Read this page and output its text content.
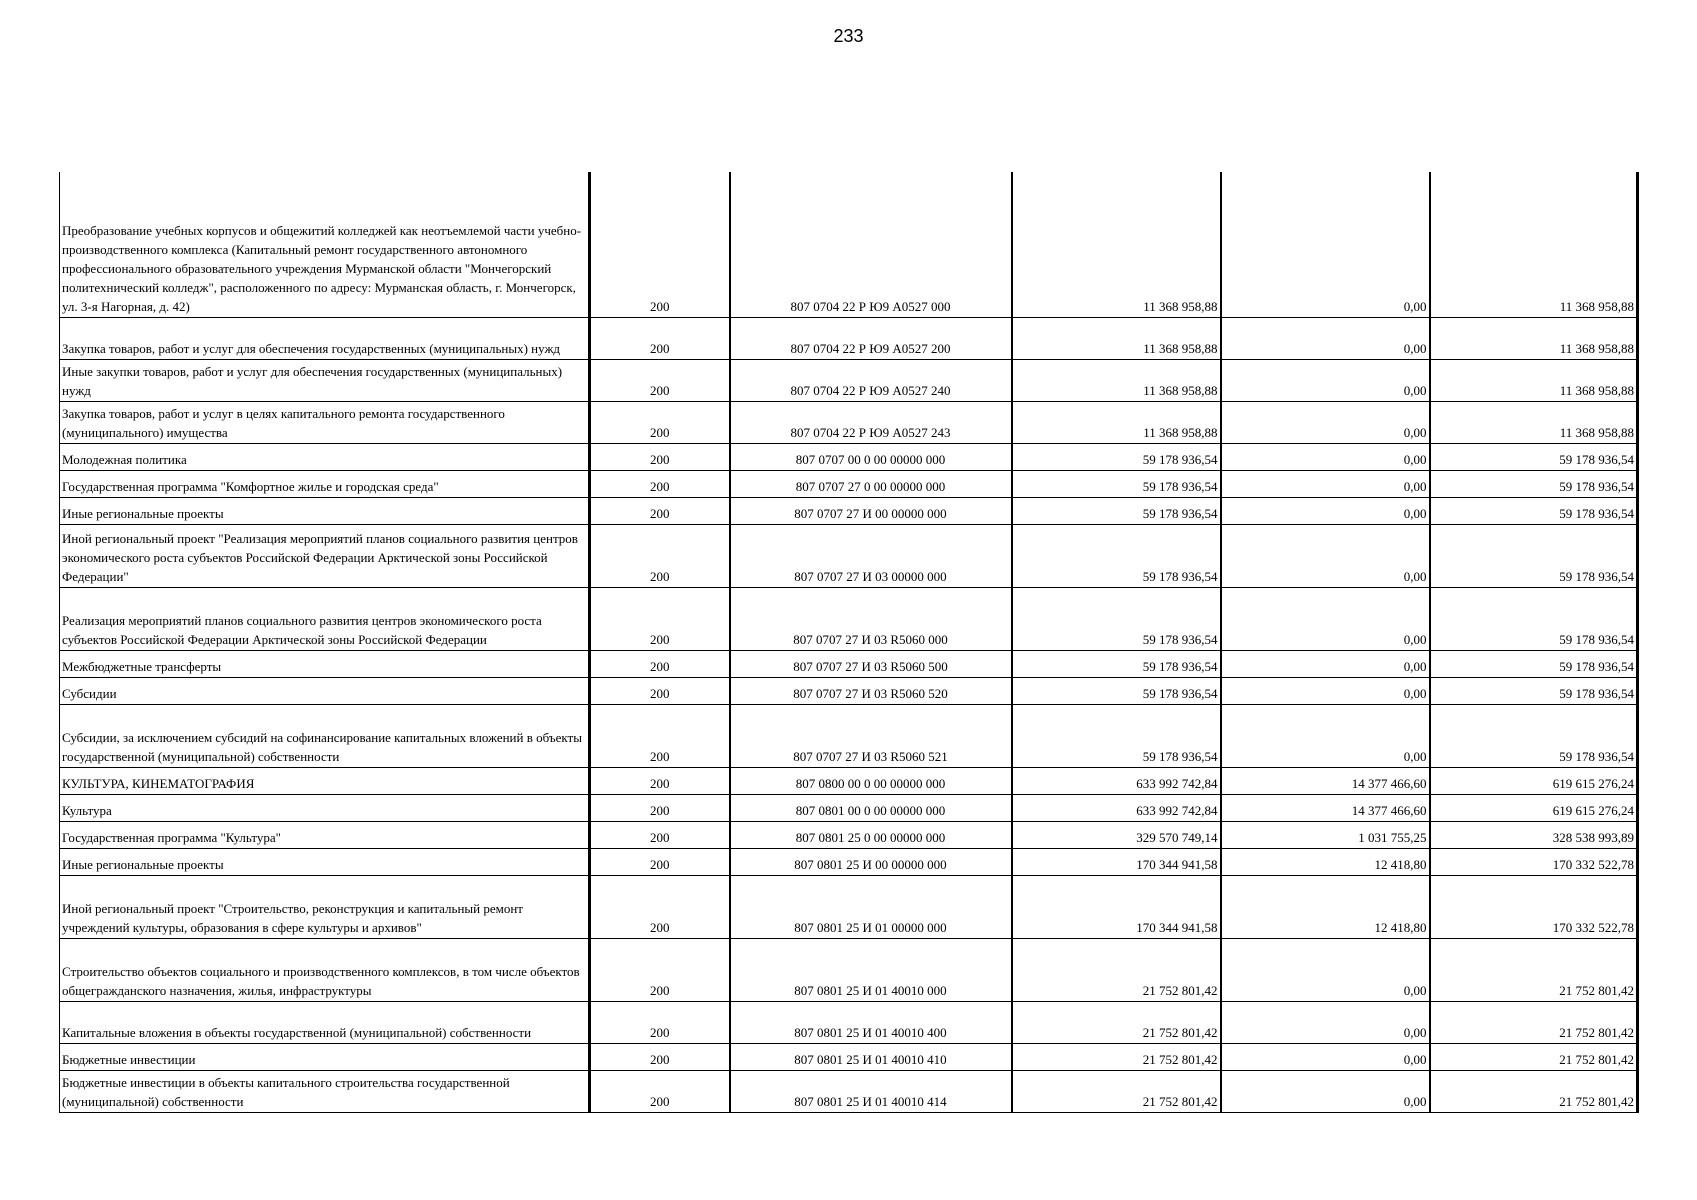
233
Преобразование учебных корпусов и общежитий колледжей как неотъемлемой части учебно-производственного комплекса (Капитальный ремонт государственного автономного профессионального образовательного учреждения Мурманской области "Мончегорский политехнический колледж", расположенного по адресу: Мурманская область, г. Мончегорск, ул. 3-я Нагорная, д. 42)	200	807 0704 22 Р Ю9 А0527 000	11 368 958,88	0,00	11 368 958,88
Закупка товаров, работ и услуг для обеспечения государственных (муниципальных) нужд	200	807 0704 22 Р Ю9 А0527 200	11 368 958,88	0,00	11 368 958,88
Иные закупки товаров, работ и услуг для обеспечения государственных (муниципальных) нужд	200	807 0704 22 Р Ю9 А0527 240	11 368 958,88	0,00	11 368 958,88
Закупка товаров, работ и услуг в целях капитального ремонта государственного (муниципального) имущества	200	807 0704 22 Р Ю9 А0527 243	11 368 958,88	0,00	11 368 958,88
Молодежная политика	200	807 0707 00 0 00 00000 000	59 178 936,54	0,00	59 178 936,54
Государственная программа "Комфортное жилье и городская среда"	200	807 0707 27 0 00 00000 000	59 178 936,54	0,00	59 178 936,54
Иные региональные проекты	200	807 0707 27 И 00 00000 000	59 178 936,54	0,00	59 178 936,54
Иной региональный проект "Реализация мероприятий планов социального развития центров экономического роста субъектов Российской Федерации Арктической зоны Российской Федерации"	200	807 0707 27 И 03 00000 000	59 178 936,54	0,00	59 178 936,54
Реализация мероприятий планов социального развития центров экономического роста субъектов Российской Федерации Арктической зоны Российской Федерации	200	807 0707 27 И 03 R5060 000	59 178 936,54	0,00	59 178 936,54
Межбюджетные трансферты	200	807 0707 27 И 03 R5060 500	59 178 936,54	0,00	59 178 936,54
Субсидии	200	807 0707 27 И 03 R5060 520	59 178 936,54	0,00	59 178 936,54
Субсидии, за исключением субсидий на софинансирование капитальных вложений в объекты государственной (муниципальной) собственности	200	807 0707 27 И 03 R5060 521	59 178 936,54	0,00	59 178 936,54
КУЛЬТУРА, КИНЕМАТОГРАФИЯ	200	807 0800 00 0 00 00000 000	633 992 742,84	14 377 466,60	619 615 276,24
Культура	200	807 0801 00 0 00 00000 000	633 992 742,84	14 377 466,60	619 615 276,24
Государственная программа "Культура"	200	807 0801 25 0 00 00000 000	329 570 749,14	1 031 755,25	328 538 993,89
Иные региональные проекты	200	807 0801 25 И 00 00000 000	170 344 941,58	12 418,80	170 332 522,78
Иной региональный проект "Строительство, реконструкция и капитальный ремонт учреждений культуры, образования в сфере культуры и архивов"	200	807 0801 25 И 01 00000 000	170 344 941,58	12 418,80	170 332 522,78
Строительство объектов социального и производственного комплексов, в том числе объектов общегражданского назначения, жилья, инфраструктуры	200	807 0801 25 И 01 40010 000	21 752 801,42	0,00	21 752 801,42
Капитальные вложения в объекты государственной (муниципальной) собственности	200	807 0801 25 И 01 40010 400	21 752 801,42	0,00	21 752 801,42
Бюджетные инвестиции	200	807 0801 25 И 01 40010 410	21 752 801,42	0,00	21 752 801,42
Бюджетные инвестиции в объекты капитального строительства государственной (муниципальной) собственности	200	807 0801 25 И 01 40010 414	21 752 801,42	0,00	21 752 801,42
